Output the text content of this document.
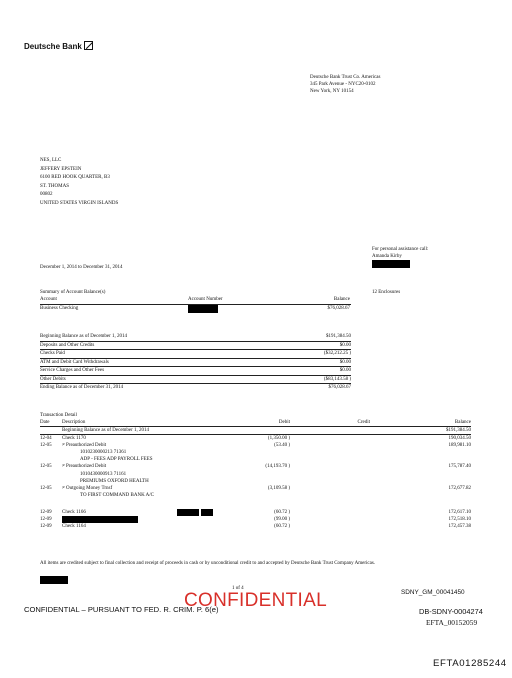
Deutsche Bank
Deutsche Bank Trust Co. Americas
345 Park Avenue - NYC20-0102
New York, NY 10154
NES, LLC
JEFFERY EPSTEIN
6100 RED HOOK QUARTER, B3
ST. THOMAS
00802
UNITED STATES VIRGIN ISLANDS
For personal assistance call:
Amanda Kirby
December 1, 2014 to December 31, 2014
Summary of Account Balance(s)	12 Enclosures
Account	Account Number	Balance
Business Checking	$76,028.67
Beginning Balance as of December 1, 2014	$191,384.50
Deposits and Other Credits	$0.00
Checks Paid	($32,212.25 )
ATM and Debit Card Withdrawals	$0.00
Service Charges and Other Fees	$0.00
Other Debits	($83,143.58 )
Ending Balance as of December 31, 2014	$76,028.67
Transaction Detail
Date	Description	Debit	Credit	Balance
Beginning Balance as of December 1, 2014	$191,384.50
12-04 Check 1170	(1,350.00 )	190,034.50
12-05 ≠ Preauthorized Debit	(53.40 )	189,981.10
1010230000213 71361
ADP - FEES ADP PAYROLL FEES
12-05 ≠ Preauthorized Debit	(14,193.70 )	175,787.40
1010430000913 71161
PREMIUMS OXFORD HEALTH
12-05 ≠ Outgoing Money Trnsf	(3,109.58 )	172,677.82
TO FIRST COMMAND BANK A/C
12-09 Check 1166	(60.72 )	172,617.10
12-09	(99.00 )	172,518.10
12-09 Check 1164	(60.72 )	172,457.38
All items are credited subject to final collection and receipt of proceeds in cash or by unconditional credit to and accepted by Deutsche Bank Trust Company Americas.
1 of 4
CONFIDENTIAL
CONFIDENTIAL – PURSUANT TO FED. R. CRIM. P. 6(e)
SDNY_GM_00041450
DB-SDNY-0004274
EFTA_00152059
EFTA01285244
